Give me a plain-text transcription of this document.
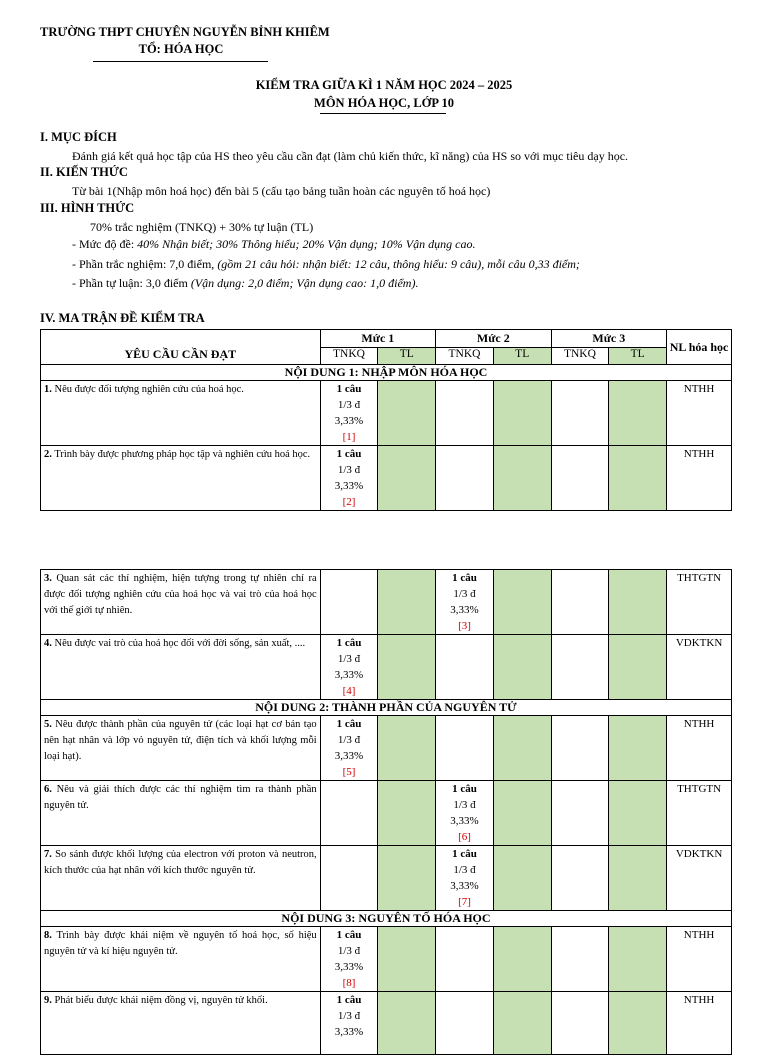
TRƯỜNG THPT CHUYÊN NGUYỄN BỈNH KHIÊM
TỔ: HÓA HỌC
KIỂM TRA GIỮA KÌ 1 NĂM HỌC 2024 – 2025
MÔN HÓA HỌC, LỚP 10
I. MỤC ĐÍCH
Đánh giá kết quả học tập của HS theo yêu cầu cần đạt (làm chủ kiến thức, kĩ năng) của HS so với mục tiêu dạy học.
II. KIẾN THỨC
Từ bài 1(Nhập môn hoá học) đến bài 5 (cấu tạo bảng tuần hoàn các nguyên tố hoá học)
III. HÌNH THỨC
70% trắc nghiệm (TNKQ) + 30% tự luận (TL)
- Mức độ đề: 40% Nhận biết; 30% Thông hiểu; 20% Vận dụng; 10% Vận dụng cao.
- Phần trắc nghiệm: 7,0 điểm, (gồm 21 câu hỏi: nhận biết: 12 câu, thông hiểu: 9 câu), mỗi câu 0,33 điểm;
- Phần tự luận: 3,0 điểm (Vận dụng: 2,0 điểm; Vận dụng cao: 1,0 điểm).
IV. MA TRẬN ĐỀ KIỂM TRA
YÊU CẦU CẦN ĐẠT	Mức 1		Mức 2		Mức 3		NL hóa học
	TNKQ	TL	TNKQ	TL	TNKQ	TL	
NỘI DUNG 1: NHẬP MÔN HÓA HỌC							
1. Nêu được đối tượng nghiên cứu của hoá học.	1 câu
1/3 đ
3,33%
[1]						NTHH
2. Trình bày được phương pháp học tập và nghiên cứu hoá học.	1 câu
1/3 đ
3,33%
[2]						NTHH
3. Quan sát các thí nghiệm, hiện tượng trong tự nhiên chỉ ra được đối tượng nghiên cứu của hoá học và vai trò của hoá học với thế giới tự nhiên.			1 câu
1/3 đ
3,33%
[3]				THTGTN
4. Nêu được vai trò của hoá học đối với đời sống, sản xuất, ....	1 câu
1/3 đ
3,33%
[4]						VDKTKN
NỘI DUNG 2: THÀNH PHẦN CỦA NGUYÊN TỬ							
5. Nêu được thành phần của nguyên tử (các loại hạt cơ bản tạo nên hạt nhân và lớp vỏ nguyên tử, điện tích và khối lượng mỗi loại hạt).	1 câu
1/3 đ
3,33%
[5]						NTHH
6. Nêu và giải thích được các thí nghiệm tìm ra thành phần nguyên tử.			1 câu
1/3 đ
3,33%
[6]				THTGTN
7. So sánh được khối lượng của electron với proton và neutron, kích thước của hạt nhân với kích thước nguyên tử.			1 câu
1/3 đ
3,33%
[7]				VDKTKN
NỘI DUNG 3: NGUYÊN TỐ HÓA HỌC							
8. Trình bày được khái niệm về nguyên tố hoá học, số hiệu nguyên tử và kí hiệu nguyên tử.	1 câu
1/3 đ
3,33%
[8]						NTHH
9. Phát biểu được khái niệm đồng vị, nguyên tử khối.	1 câu
1/3 đ
3,33%						NTHH
